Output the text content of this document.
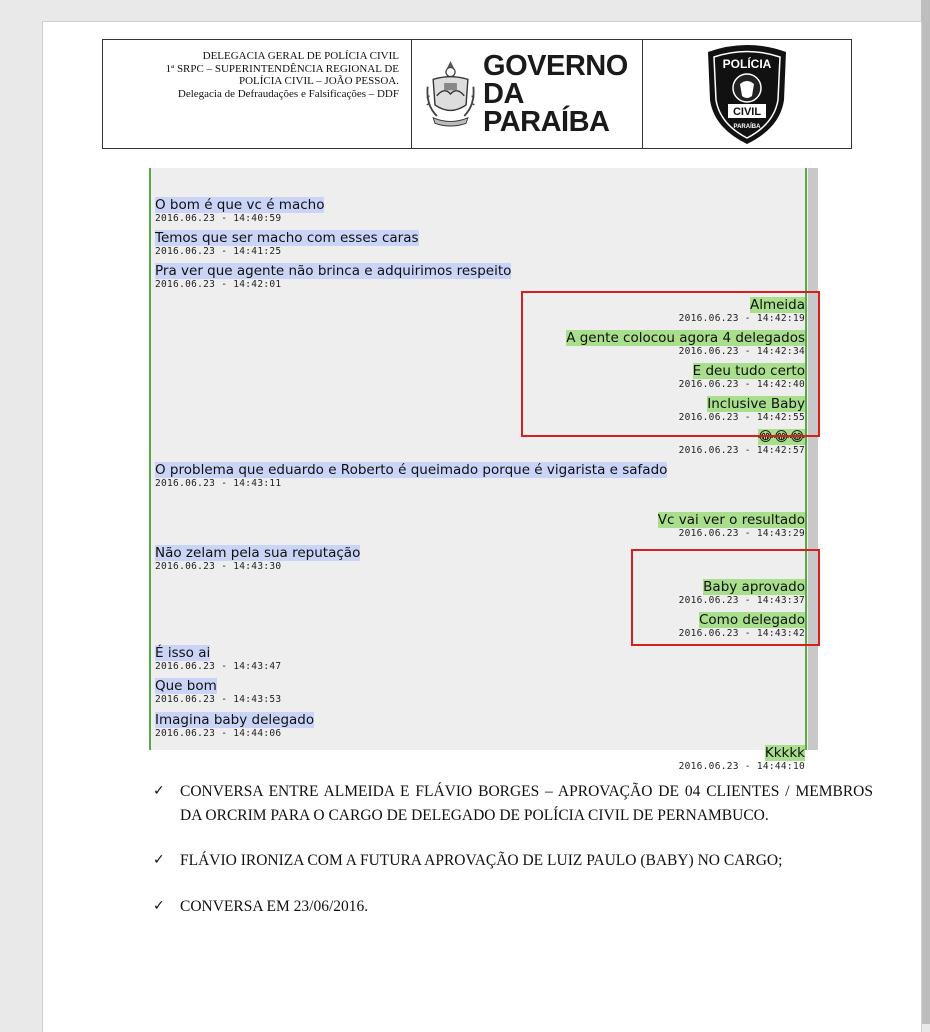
DELEGACIA GERAL DE POLÍCIA CIVIL
1ª SRPC – SUPERINTENDÊNCIA REGIONAL DE
POLÍCIA CIVIL – JOÃO PESSOA.
Delegacia de Defraudações e Falsificações – DDF
GOVERNO
DA PARAÍBA
POLÍCIA
CIVIL
PARAÍBA
O bom é que vc é macho
2016.06.23 - 14:40:59
Temos que ser macho com esses caras
2016.06.23 - 14:41:25
Pra ver que agente não brinca e adquirimos respeito
2016.06.23 - 14:42:01
Almeida
2016.06.23 - 14:42:19
A gente colocou agora 4 delegados
2016.06.23 - 14:42:34
E deu tudo certo
2016.06.23 - 14:42:40
Inclusive Baby
2016.06.23 - 14:42:55
😂😂😂
2016.06.23 - 14:42:57
O problema que eduardo e Roberto é queimado porque é vigarista e safado
2016.06.23 - 14:43:11
Vc vai ver o resultado
2016.06.23 - 14:43:29
Não zelam pela sua reputação
2016.06.23 - 14:43:30
Baby aprovado
2016.06.23 - 14:43:37
Como delegado
2016.06.23 - 14:43:42
É isso ai
2016.06.23 - 14:43:47
Que bom
2016.06.23 - 14:43:53
Imagina baby delegado
2016.06.23 - 14:44:06
Kkkkk
2016.06.23 - 14:44:10
✓ CONVERSA ENTRE ALMEIDA E FLÁVIO BORGES – APROVAÇÃO DE 04 CLIENTES / MEMBROS DA ORCRIM PARA O CARGO DE DELEGADO DE POLÍCIA CIVIL DE PERNAMBUCO.
✓ FLÁVIO IRONIZA COM A FUTURA APROVAÇÃO DE LUIZ PAULO (BABY) NO CARGO;
✓ CONVERSA EM 23/06/2016.
